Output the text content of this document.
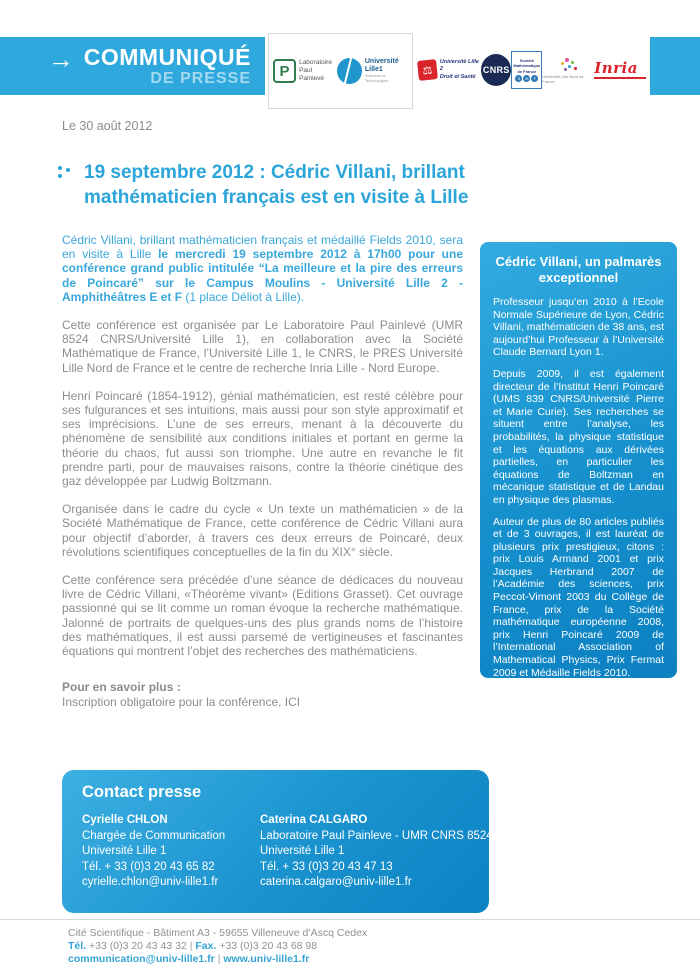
→ COMMUNIQUÉ
DE PRESSE	P
Laboratoire
Paul Painlevé
Université
Lille1
Sciences et Technologies
⚖
Université Lille 2
Droit et Santé
CNRS
Société
Mathématique
de France
S	M	F	Université Lille Nord de France
Inria
Le 30 août 2012
19 septembre 2012 : Cédric Villani, brillant
mathématicien français est en visite à Lille

Cédric Villani, brillant mathématicien français et médaillé Fields 2010, sera en visite à Lille le mercredi 19 septembre 2012 à 17h00 pour une conférence grand public intitulée “La meilleure et la pire des erreurs de Poincaré” sur le Campus Moulins - Université Lille 2 - Amphithéâtres E et F (1 place Déliot à Lille).

Cette conférence est organisée par Le Laboratoire Paul Painlevé (UMR 8524 CNRS/Université Lille 1), en collaboration avec la Société Mathématique de France, l’Université Lille 1, le CNRS, le PRES Université Lille Nord de France et le centre de recherche Inria Lille - Nord Europe.

Henri Poincaré (1854-1912), génial mathématicien, est resté célèbre pour ses fulgurances et ses intuitions, mais aussi pour son style approximatif et ses imprécisions. L’une de ses erreurs, menant à la découverte du phénomène de sensibilité aux conditions initiales et portant en germe la théorie du chaos, fut aussi son triomphe. Une autre en revanche le fit prendre parti, pour de mauvaises raisons, contre la théorie cinétique des gaz développée par Ludwig Boltzmann.

Organisée dans le cadre du cycle « Un texte un mathématicien » de la Société Mathématique de France, cette conférence de Cédric Villani aura pour objectif d’aborder, à travers ces deux erreurs de Poincaré, deux révolutions scientifiques conceptuelles de la fin du XIX° siècle.

Cette conférence sera précédée d’une séance de dédicaces du nouveau livre de Cédric Villani, «Théorème vivant» (Editions Grasset). Cet ouvrage passionné qui se lit comme un roman évoque la recherche mathématique. Jalonné de portraits de quelques-uns des plus grands noms de l’histoire des mathématiques, il est aussi parsemé de vertigineuses et fascinantes équations qui montrent l’objet des recherches des mathématiciens.

Pour en savoir plus :
Inscription obligatoire pour la conférence, ICI
Cédric Villani, un palmarès exceptionnel

Professeur jusqu’en 2010 à l’Ecole Normale Supérieure de Lyon, Cédric Villani, mathématicien de 38 ans, est aujourd’hui Professeur à l’Université Claude Bernard Lyon 1.

Depuis 2009, il est également directeur de l’Institut Henri Poincaré (UMS 839 CNRS/Université Pierre et Marie Curie). Ses recherches se situent entre l’analyse, les probabilités, la physique statistique et les équations aux dérivées partielles, en particulier les équations de Boltzman en mécanique statistique et de Landau en physique des plasmas.

Auteur de plus de 80 articles publiés et de 3 ouvrages, il est lauréat de plusieurs prix prestigieux, citons : prix Louis Armand 2001 et prix Jacques Herbrand 2007 de l’Académie des sciences, prix Peccot-Vimont 2003 du Collège de France, prix de la Société mathématique européenne 2008, prix Henri Poincaré 2009 de l’International Association of Mathematical Physics, Prix Fermat 2009 et Médaille Fields 2010.

Il est Chevalier de la Légion d’honneur depuis avril 2011.

Contact presse
Cyrielle CHLON
Chargée de Communication
Université Lille 1
Tél. + 33 (0)3 20 43 65 82
cyrielle.chlon@univ-lille1.fr
Caterina CALGARO
Laboratoire Paul Painleve - UMR CNRS 8524
Université Lille 1
Tél. + 33 (0)3 20 43 47 13
caterina.calgaro@univ-lille1.fr
Cité Scientifique - Bâtiment A3 - 59655 Villeneuve d’Ascq Cedex
Tél. +33 (0)3 20 43 43 32 | Fax. +33 (0)3 20 43 68 98
communication@univ-lille1.fr | www.univ-lille1.fr
